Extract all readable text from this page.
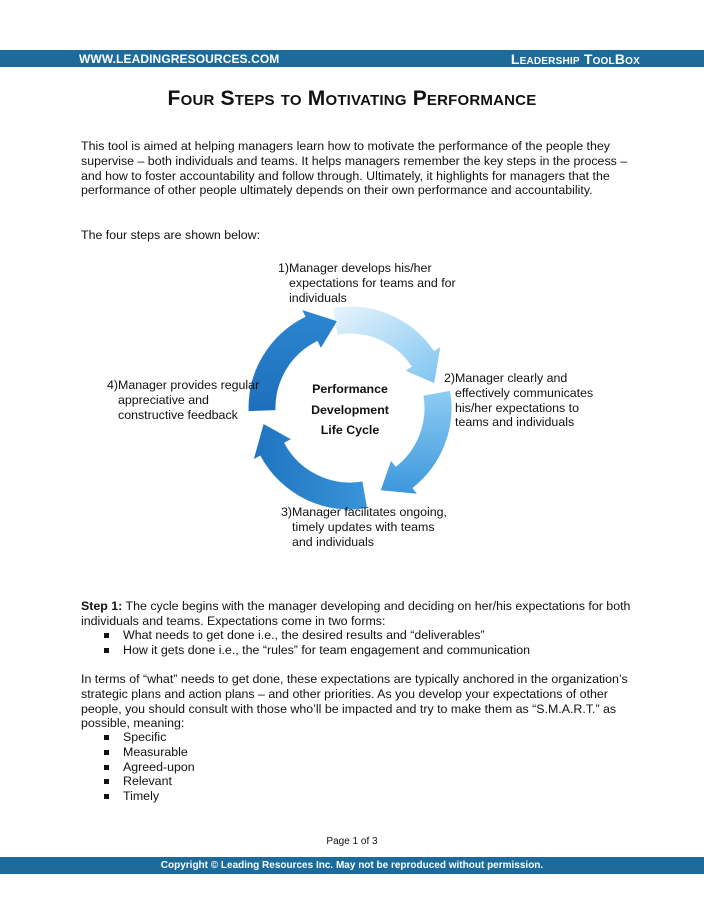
WWW.LEADINGRESOURCES.COM	Leadership ToolBox
Four Steps to Motivating Performance

This tool is aimed at helping managers learn how to motivate the performance of the people they supervise – both individuals and teams. It helps managers remember the key steps in the process – and how to foster accountability and follow through. Ultimately, it highlights for managers that the performance of other people ultimately depends on their own performance and accountability.

The four steps are shown below:

1) Manager develops his/her expectations for teams and for individuals
2) Manager clearly and effectively communicates his/her expectations to teams and individuals
3) Manager facilitates ongoing, timely updates with teams and individuals
4) Manager provides regular appreciative and constructive feedback
Performance
Development
Life Cycle

Step 1: The cycle begins with the manager developing and deciding on her/his expectations for both individuals and teams. Expectations come in two forms:

What needs to get done i.e., the desired results and “deliverables”
How it gets done i.e., the “rules” for team engagement and communication

In terms of “what” needs to get done, these expectations are typically anchored in the organization’s strategic plans and action plans – and other priorities. As you develop your expectations of other people, you should consult with those who’ll be impacted and try to make them as “S.M.A.R.T.” as possible, meaning:

Specific
Measurable
Agreed-upon
Relevant
Timely
Page 1 of 3
Copyright © Leading Resources Inc. May not be reproduced without permission.
